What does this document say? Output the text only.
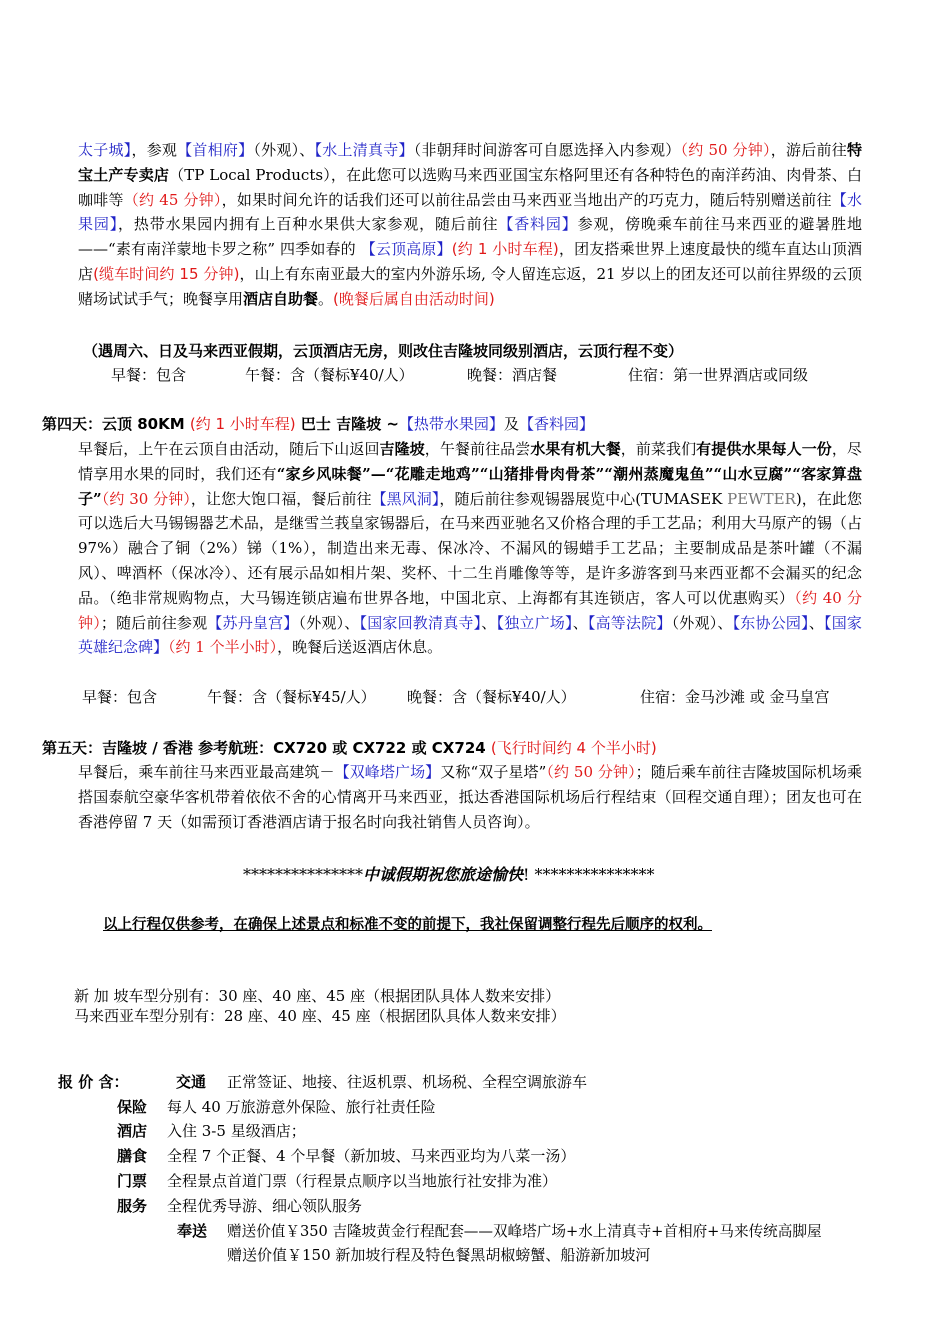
太子城】，参观【首相府】（外观）、【水上清真寺】（非朝拜时间游客可自愿选择入内参观）（约 50 分钟），游后前往特宝土产专卖店（TP Local Products），在此您可以选购马来西亚国宝东格阿里还有各种特色的南洋药油、肉骨茶、白咖啡等（约 45 分钟），如果时间允许的话我们还可以前往品尝由马来西亚当地出产的巧克力，随后特别赠送前往【水果园】，热带水果园内拥有上百种水果供大家参观，随后前往【香料园】参观，傍晚乘车前往马来西亚的避暑胜地——“素有南洋蒙地卡罗之称” 四季如春的 【云顶高原】(约 1 小时车程)，团友搭乘世界上速度最快的缆车直达山顶酒店(缆车时间约 15 分钟)，山上有东南亚最大的室内外游乐场, 令人留连忘返，21 岁以上的团友还可以前往界级的云顶赌场试试手气；晚餐享用酒店自助餐。(晚餐后属自由活动时间)
（遇周六、日及马来西亚假期，云顶酒店无房，则改住吉隆坡同级别酒店，云顶行程不变）
早餐：包含	午餐：含（餐标¥40/人）	晚餐：酒店餐	住宿：第一世界酒店或同级
第四天：云顶 80KM (约 1 小时车程) 巴士 吉隆坡 ~【热带水果园】及【香料园】
早餐后，上午在云顶自由活动，随后下山返回吉隆坡，午餐前往品尝水果有机大餐，前菜我们有提供水果每人一份，尽情享用水果的同时，我们还有“家乡风味餐”—“花雕走地鸡”“山猪排骨肉骨茶”“潮州蒸魔鬼鱼”“山水豆腐”“客家算盘子”（约 30 分钟），让您大饱口福，餐后前往【黑风洞】，随后前往参观锡器展览中心(TUMASEK PEWTER)，在此您可以选后大马锡锡器艺术品，是继雪兰莪皇家锡器后，在马来西亚驰名又价格合理的手工艺品；利用大马原产的锡（占 97%）融合了铜（2%）锑（1%），制造出来无毒、保冰冷、不漏风的锡蜡手工艺品；主要制成品是茶叶罐（不漏风）、啤酒杯（保冰冷）、还有展示品如相片架、奖杯、十二生肖雕像等等，是许多游客到马来西亚都不会漏买的纪念品。（绝非常规购物点，大马锡连锁店遍布世界各地，中国北京、上海都有其连锁店，客人可以优惠购买）（约 40 分钟）；随后前往参观【苏丹皇宫】（外观）、【国家回教清真寺】、【独立广场】、【高等法院】（外观）、【东协公园】、【国家英雄纪念碑】（约 1 个半小时），晚餐后送返酒店休息。
早餐：包含	午餐：含（餐标¥45/人） 晚餐：含（餐标¥40/人）	住宿：金马沙滩 或 金马皇宫
第五天：吉隆坡 / 香港 参考航班：CX720 或 CX722 或 CX724 (飞行时间约 4 个半小时)
早餐后，乘车前往马来西亚最高建筑－【双峰塔广场】又称“双子星塔”（约 50 分钟）；随后乘车前往吉隆坡国际机场乘搭国泰航空豪华客机带着依依不舍的心情离开马来西亚，抵达香港国际机场后行程结束（回程交通自理）；团友也可在香港停留 7 天（如需预订香港酒店请于报名时向我社销售人员咨询）。
***************中诚假期祝您旅途愉快! ***************
以上行程仅供参考，在确保上述景点和标准不变的前提下，我社保留调整行程先后顺序的权利。
新 加 坡车型分别有：30 座、40 座、45 座（根据团队具体人数来安排）
马来西亚车型分别有：28 座、40 座、45 座（根据团队具体人数来安排）
报 价 含：	交通 正常签证、地接、往返机票、机场税、全程空调旅游车
保险 每人 40 万旅游意外保险、旅行社责任险
酒店 入住 3-5 星级酒店；
膳食 全程 7 个正餐、4 个早餐（新加坡、马来西亚均为八菜一汤）
门票 全程景点首道门票（行程景点顺序以当地旅行社安排为准）
服务 全程优秀导游、细心领队服务
奉送 赠送价值￥350 吉隆坡黄金行程配套——双峰塔广场+水上清真寺+首相府+马来传统高脚屋
赠送价值￥150 新加坡行程及特色餐黑胡椒螃蟹、船游新加坡河
